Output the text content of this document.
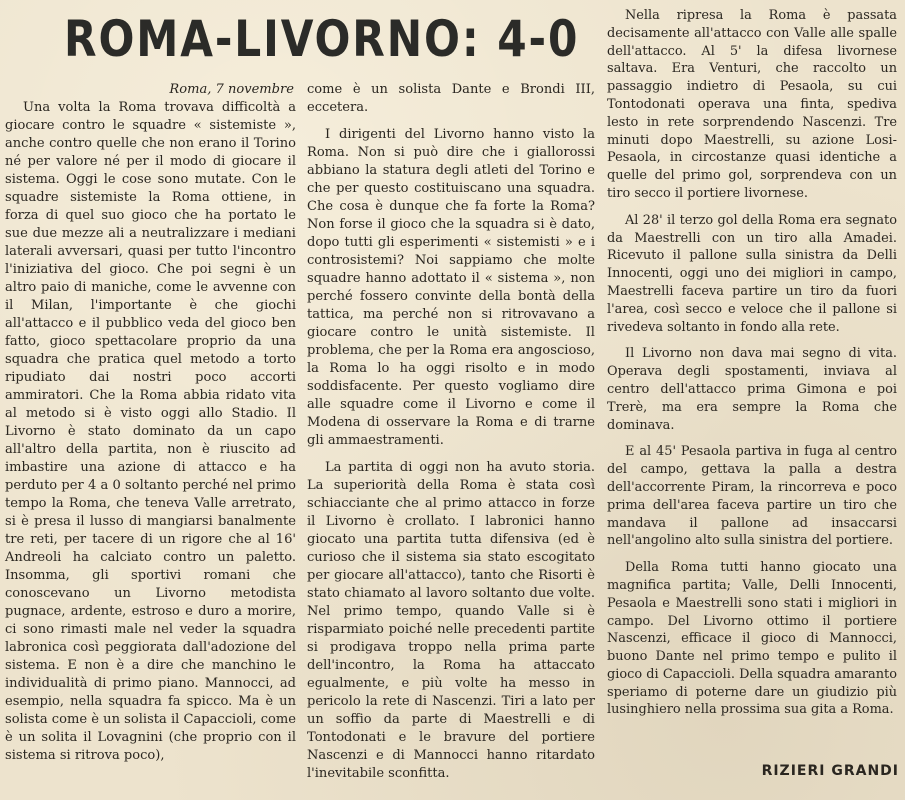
ROMA-LIVORNO: 4-0
Roma, 7 novembre

Una volta la Roma trovava difficoltà a giocare contro le squadre « sistemiste », anche contro quelle che non erano il Torino né per valore né per il modo di giocare il sistema. Oggi le cose sono mutate. Con le squadre sistemiste la Roma ottiene, in forza di quel suo gioco che ha portato le sue due mezze ali a neutralizzare i mediani laterali avversari, quasi per tutto l'incontro l'iniziativa del gioco. Che poi segni è un altro paio di maniche, come le avvenne con il Milan, l'importante è che giochi all'attacco e il pubblico veda del gioco ben fatto, gioco spettacolare proprio da una squadra che pratica quel metodo a torto ripudiato dai nostri poco accorti ammiratori. Che la Roma abbia ridato vita al metodo si è visto oggi allo Stadio. Il Livorno è stato dominato da un capo all'altro della partita, non è riuscito ad imbastire una azione di attacco e ha perduto per 4 a 0 soltanto perché nel primo tempo la Roma, che teneva Valle arretrato, si è presa il lusso di mangiarsi banalmente tre reti, per tacere di un rigore che al 16' Andreoli ha calciato contro un paletto. Insomma, gli sportivi romani che conoscevano un Livorno metodista pugnace, ardente, estroso e duro a morire, ci sono rimasti male nel veder la squadra labronica così peggiorata dall'adozione del sistema. E non è a dire che manchino le individualità di primo piano. Mannocci, ad esempio, nella squadra fa spicco. Ma è un solista come è un solista il Capaccioli, come è un solita il Lovagnini (che proprio con il sistema si ritrova poco),

come è un solista Dante e Brondi III, eccetera.

I dirigenti del Livorno hanno visto la Roma. Non si può dire che i giallorossi abbiano la statura degli atleti del Torino e che per questo costituiscano una squadra. Che cosa è dunque che fa forte la Roma? Non forse il gioco che la squadra si è dato, dopo tutti gli esperimenti « sistemisti » e i controsistemi? Noi sappiamo che molte squadre hanno adottato il « sistema », non perché fossero convinte della bontà della tattica, ma perché non si ritrovavano a giocare contro le unità sistemiste. Il problema, che per la Roma era angoscioso, la Roma lo ha oggi risolto e in modo soddisfacente. Per questo vogliamo dire alle squadre come il Livorno e come il Modena di osservare la Roma e di trarne gli ammaestramenti.

La partita di oggi non ha avuto storia. La superiorità della Roma è stata così schiacciante che al primo attacco in forze il Livorno è crollato. I labronici hanno giocato una partita tutta difensiva (ed è curioso che il sistema sia stato escogitato per giocare all'attacco), tanto che Risorti è stato chiamato al lavoro soltanto due volte. Nel primo tempo, quando Valle si è risparmiato poiché nelle precedenti partite si prodigava troppo nella prima parte dell'incontro, la Roma ha attaccato egualmente, e più volte ha messo in pericolo la rete di Nascenzi. Tiri a lato per un soffio da parte di Maestrelli e di Tontodonati e le bravure del portiere Nascenzi e di Mannocci hanno ritardato l'inevitabile sconfitta.

Nella ripresa la Roma è passata decisamente all'attacco con Valle alle spalle dell'attacco. Al 5' la difesa livornese saltava. Era Venturi, che raccolto un passaggio indietro di Pesaola, su cui Tontodonati operava una finta, spediva lesto in rete sorprendendo Nascenzi. Tre minuti dopo Maestrelli, su azione Losi-Pesaola, in circostanze quasi identiche a quelle del primo gol, sorprendeva con un tiro secco il portiere livornese.

Al 28' il terzo gol della Roma era segnato da Maestrelli con un tiro alla Amadei. Ricevuto il pallone sulla sinistra da Delli Innocenti, oggi uno dei migliori in campo, Maestrelli faceva partire un tiro da fuori l'area, così secco e veloce che il pallone si rivedeva soltanto in fondo alla rete.

Il Livorno non dava mai segno di vita. Operava degli spostamenti, inviava al centro dell'attacco prima Gimona e poi Trerè, ma era sempre la Roma che dominava.

E al 45' Pesaola partiva in fuga al centro del campo, gettava la palla a destra dell'accorrente Piram, la rincorreva e poco prima dell'area faceva partire un tiro che mandava il pallone ad insaccarsi nell'angolino alto sulla sinistra del portiere.

Della Roma tutti hanno giocato una magnifica partita; Valle, Delli Innocenti, Pesaola e Maestrelli sono stati i migliori in campo. Del Livorno ottimo il portiere Nascenzi, efficace il gioco di Mannocci, buono Dante nel primo tempo e pulito il gioco di Capaccioli. Della squadra amaranto speriamo di poterne dare un giudizio più lusinghiero nella prossima sua gita a Roma.

RIZIERI GRANDI
